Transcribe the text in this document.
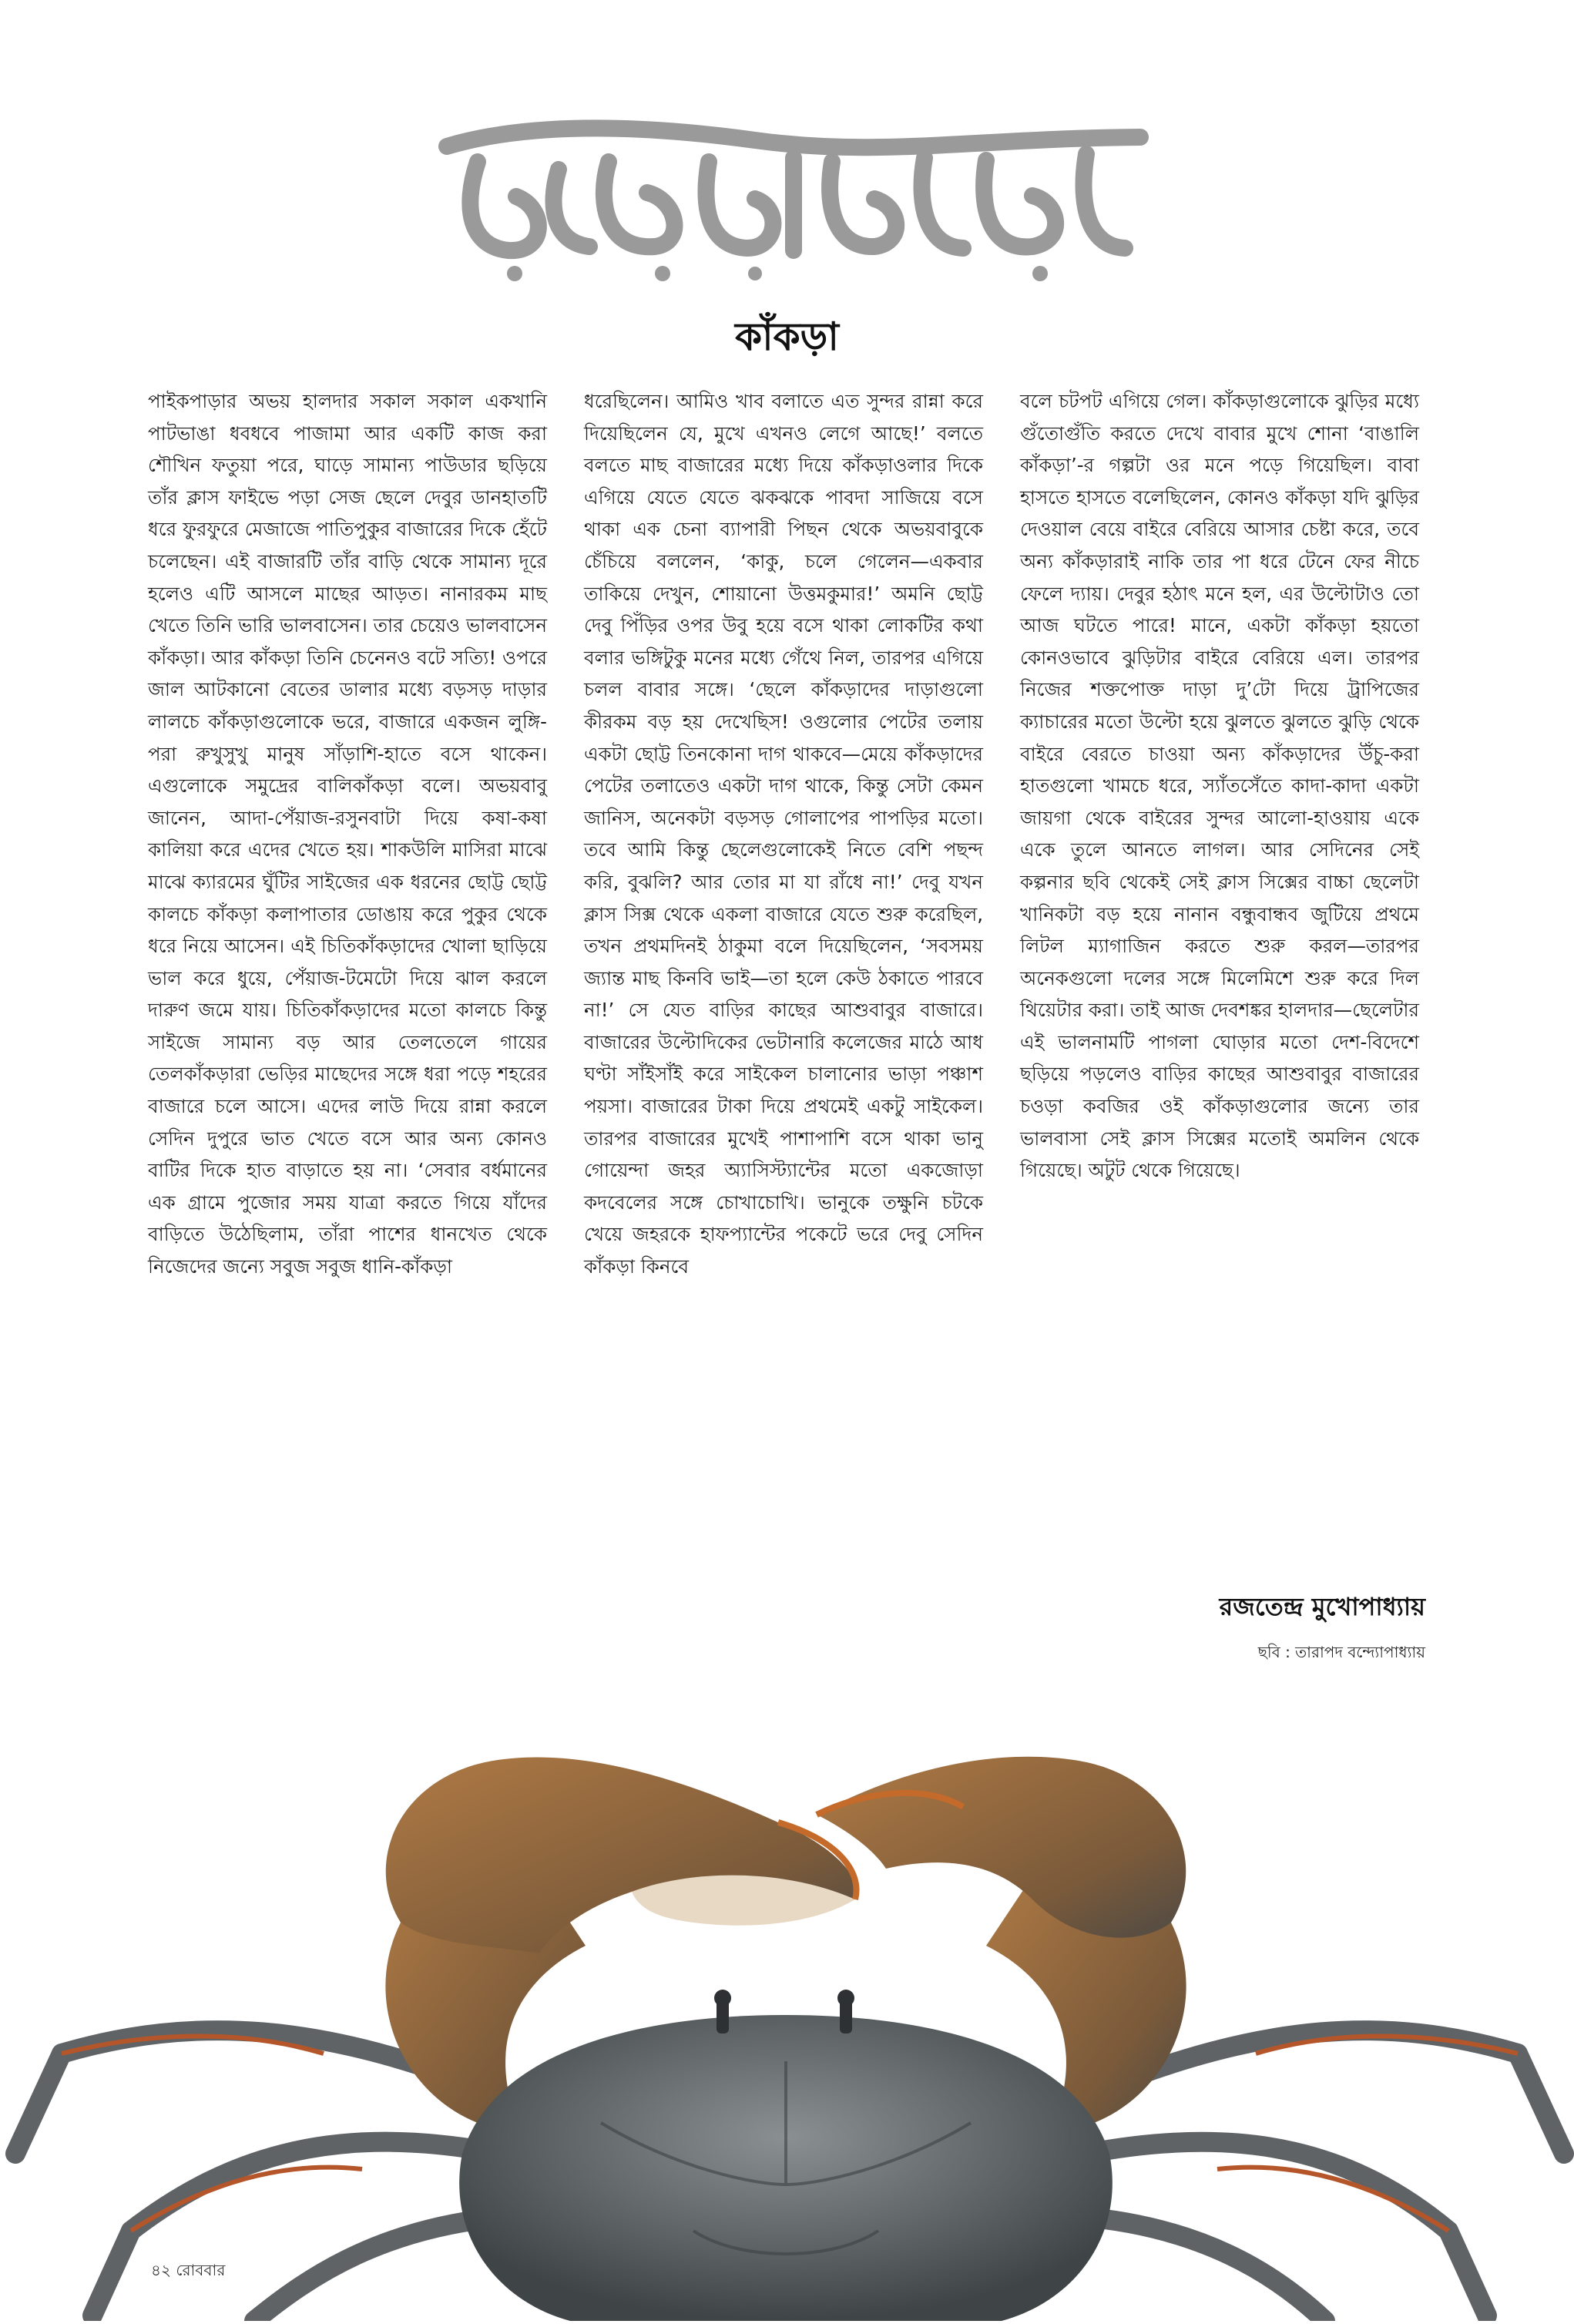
কাঁকড়া

পাইকপাড়ার অভয় হালদার সকাল সকাল একখানি পাটভাঙা ধবধবে পাজামা আর একটি কাজ করা শৌখিন ফতুয়া পরে, ঘাড়ে সামান্য পাউডার ছড়িয়ে তাঁর ক্লাস ফাইভে পড়া সেজ ছেলে দেবুর ডানহাতটি ধরে ফুরফুরে মেজাজে পাতিপুকুর বাজারের দিকে হেঁটে চলেছেন। এই বাজারটি তাঁর বাড়ি থেকে সামান্য দূরে হলেও এটি আসলে মাছের আড়ত। নানারকম মাছ খেতে তিনি ভারি ভালবাসেন। তার চেয়েও ভালবাসেন কাঁকড়া। আর কাঁকড়া তিনি চেনেনও বটে সত্যি! ওপরে জাল আটকানো বেতের ডালার মধ্যে বড়সড় দাড়ার লালচে কাঁকড়াগুলোকে ভরে, বাজারে একজন লুঙ্গি-পরা রুখুসুখু মানুষ সাঁড়াশি-হাতে বসে থাকেন। এগুলোকে সমুদ্রের বালিকাঁকড়া বলে। অভয়বাবু জানেন, আদা-পেঁয়াজ-রসুনবাটা দিয়ে কষা-কষা কালিয়া করে এদের খেতে হয়। শাকউলি মাসিরা মাঝে মাঝে ক্যারমের ঘুঁটির সাইজের এক ধরনের ছোট্ট ছোট্ট কালচে কাঁকড়া কলাপাতার ডোঙায় করে পুকুর থেকে ধরে নিয়ে আসেন। এই চিতিকাঁকড়াদের খোলা ছাড়িয়ে ভাল করে ধুয়ে, পেঁয়াজ-টমেটো দিয়ে ঝাল করলে দারুণ জমে যায়। চিতিকাঁকড়াদের মতো কালচে কিন্তু সাইজে সামান্য বড় আর তেলতেলে গায়ের তেলকাঁকড়ারা ভেড়ির মাছেদের সঙ্গে ধরা পড়ে শহরের বাজারে চলে আসে। এদের লাউ দিয়ে রান্না করলে সেদিন দুপুরে ভাত খেতে বসে আর অন্য কোনও বাটির দিকে হাত বাড়াতে হয় না। ‘সেবার বর্ধমানের এক গ্রামে পুজোর সময় যাত্রা করতে গিয়ে যাঁদের বাড়িতে উঠেছিলাম, তাঁরা পাশের ধানখেত থেকে নিজেদের জন্যে সবুজ সবুজ ধানি-কাঁকড়া

ধরেছিলেন। আমিও খাব বলাতে এত সুন্দর রান্না করে দিয়েছিলেন যে, মুখে এখনও লেগে আছে!’ বলতে বলতে মাছ বাজারের মধ্যে দিয়ে কাঁকড়াওলার দিকে এগিয়ে যেতে যেতে ঝকঝকে পাবদা সাজিয়ে বসে থাকা এক চেনা ব্যাপারী পিছন থেকে অভয়বাবুকে চেঁচিয়ে বললেন, ‘কাকু, চলে গেলেন—একবার তাকিয়ে দেখুন, শোয়ানো উত্তমকুমার!’ অমনি ছোট্ট দেবু পিঁড়ির ওপর উবু হয়ে বসে থাকা লোকটির কথা বলার ভঙ্গিটুকু মনের মধ্যে গেঁথে নিল, তারপর এগিয়ে চলল বাবার সঙ্গে। ‘ছেলে কাঁকড়াদের দাড়াগুলো কীরকম বড় হয় দেখেছিস! ওগুলোর পেটের তলায় একটা ছোট্ট তিনকোনা দাগ থাকবে—মেয়ে কাঁকড়াদের পেটের তলাতেও একটা দাগ থাকে, কিন্তু সেটা কেমন জানিস, অনেকটা বড়সড় গোলাপের পাপড়ির মতো। তবে আমি কিন্তু ছেলেগুলোকেই নিতে বেশি পছন্দ করি, বুঝলি? আর তোর মা যা রাঁধে না!’ দেবু যখন ক্লাস সিক্স থেকে একলা বাজারে যেতে শুরু করেছিল, তখন প্রথমদিনই ঠাকুমা বলে দিয়েছিলেন, ‘সবসময় জ্যান্ত মাছ কিনবি ভাই—তা হলে কেউ ঠকাতে পারবে না!’ সে যেত বাড়ির কাছের আশুবাবুর বাজারে। বাজারের উল্টোদিকের ভেটানারি কলেজের মাঠে আধ ঘণ্টা সাঁইসাঁই করে সাইকেল চালানোর ভাড়া পঞ্চাশ পয়সা। বাজারের টাকা দিয়ে প্রথমেই একটু সাইকেল। তারপর বাজারের মুখেই পাশাপাশি বসে থাকা ভানু গোয়েন্দা জহর অ্যাসিস্ট্যান্টের মতো একজোড়া কদবেলের সঙ্গে চোখাচোখি। ভানুকে তক্ষুনি চটকে খেয়ে জহরকে হাফপ্যান্টের পকেটে ভরে দেবু সেদিন কাঁকড়া কিনবে

বলে চটপট এগিয়ে গেল। কাঁকড়াগুলোকে ঝুড়ির মধ্যে গুঁতোগুঁতি করতে দেখে বাবার মুখে শোনা ‘বাঙালি কাঁকড়া’-র গল্পটা ওর মনে পড়ে গিয়েছিল। বাবা হাসতে হাসতে বলেছিলেন, কোনও কাঁকড়া যদি ঝুড়ির দেওয়াল বেয়ে বাইরে বেরিয়ে আসার চেষ্টা করে, তবে অন্য কাঁকড়ারাই নাকি তার পা ধরে টেনে ফের নীচে ফেলে দ্যায়। দেবুর হঠাৎ মনে হল, এর উল্টোটাও তো আজ ঘটতে পারে! মানে, একটা কাঁকড়া হয়তো কোনওভাবে ঝুড়িটার বাইরে বেরিয়ে এল। তারপর নিজের শক্তপোক্ত দাড়া দু’টো দিয়ে ট্রাপিজের ক্যাচারের মতো উল্টো হয়ে ঝুলতে ঝুলতে ঝুড়ি থেকে বাইরে বেরতে চাওয়া অন্য কাঁকড়াদের উঁচু-করা হাতগুলো খামচে ধরে, স্যাঁতসেঁতে কাদা-কাদা একটা জায়গা থেকে বাইরের সুন্দর আলো-হাওয়ায় একে একে তুলে আনতে লাগল। আর সেদিনের সেই কল্পনার ছবি থেকেই সেই ক্লাস সিক্সের বাচ্চা ছেলেটা খানিকটা বড় হয়ে নানান বন্ধুবান্ধব জুটিয়ে প্রথমে লিটল ম্যাগাজিন করতে শুরু করল—তারপর অনেকগুলো দলের সঙ্গে মিলেমিশে শুরু করে দিল থিয়েটার করা। তাই আজ দেবশঙ্কর হালদার—ছেলেটার এই ভালনামটি পাগলা ঘোড়ার মতো দেশ-বিদেশে ছড়িয়ে পড়লেও বাড়ির কাছের আশুবাবুর বাজারের চওড়া কবজির ওই কাঁকড়াগুলোর জন্যে তার ভালবাসা সেই ক্লাস সিক্সের মতোই অমলিন থেকে গিয়েছে। অটুট থেকে গিয়েছে।

রজতেন্দ্র মুখোপাধ্যায়
ছবি : তারাপদ বন্দ্যোপাধ্যায়
৪২ রোববার
